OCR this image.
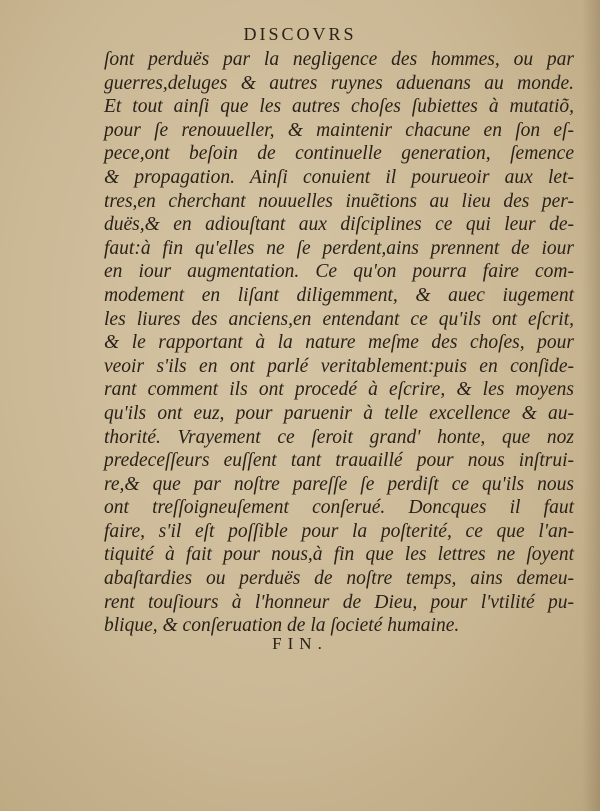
DISCOVRS
ſont perduës par la negligence des hommes, ou par
guerres,deluges & autres ruynes aduenans au monde.
Et tout ainſi que les autres choſes ſubiettes à mutatiõ,
pour ſe renouueller, & maintenir chacune en ſon eſ-
pece,ont beſoin de continuelle generation, ſemence
& propagation. Ainſi conuient il pourueoir aux let-
tres,en cherchant nouuelles inuẽtions au lieu des per-
duës,& en adiouſtant aux diſciplines ce qui leur de-
faut:à fin qu'elles ne ſe perdent,ains prennent de iour
en iour augmentation. Ce qu'on pourra faire com-
modement en liſant diligemment, & auec iugement
les liures des anciens,en entendant ce qu'ils ont eſcrit,
& le rapportant à la nature meſme des choſes, pour
veoir s'ils en ont parlé veritablement:puis en conſide-
rant comment ils ont procedé à eſcrire, & les moyens
qu'ils ont euz, pour paruenir à telle excellence & au-
thorité. Vrayement ce ſeroit grand' honte, que noz
predeceſſeurs euſſent tant trauaillé pour nous inſtrui-
re,& que par noſtre pareſſe ſe perdiſt ce qu'ils nous
ont treſſoigneuſement conſerué. Doncques il faut
faire, s'il eſt poſſible pour la poſterité, ce que l'an-
tiquité à fait pour nous,à fin que les lettres ne ſoyent
abaſtardies ou perduës de noſtre temps, ains demeu-
rent touſiours à l'honneur de Dieu, pour l'vtilité pu-
blique, & conſeruation de la ſocieté humaine.
FIN.
